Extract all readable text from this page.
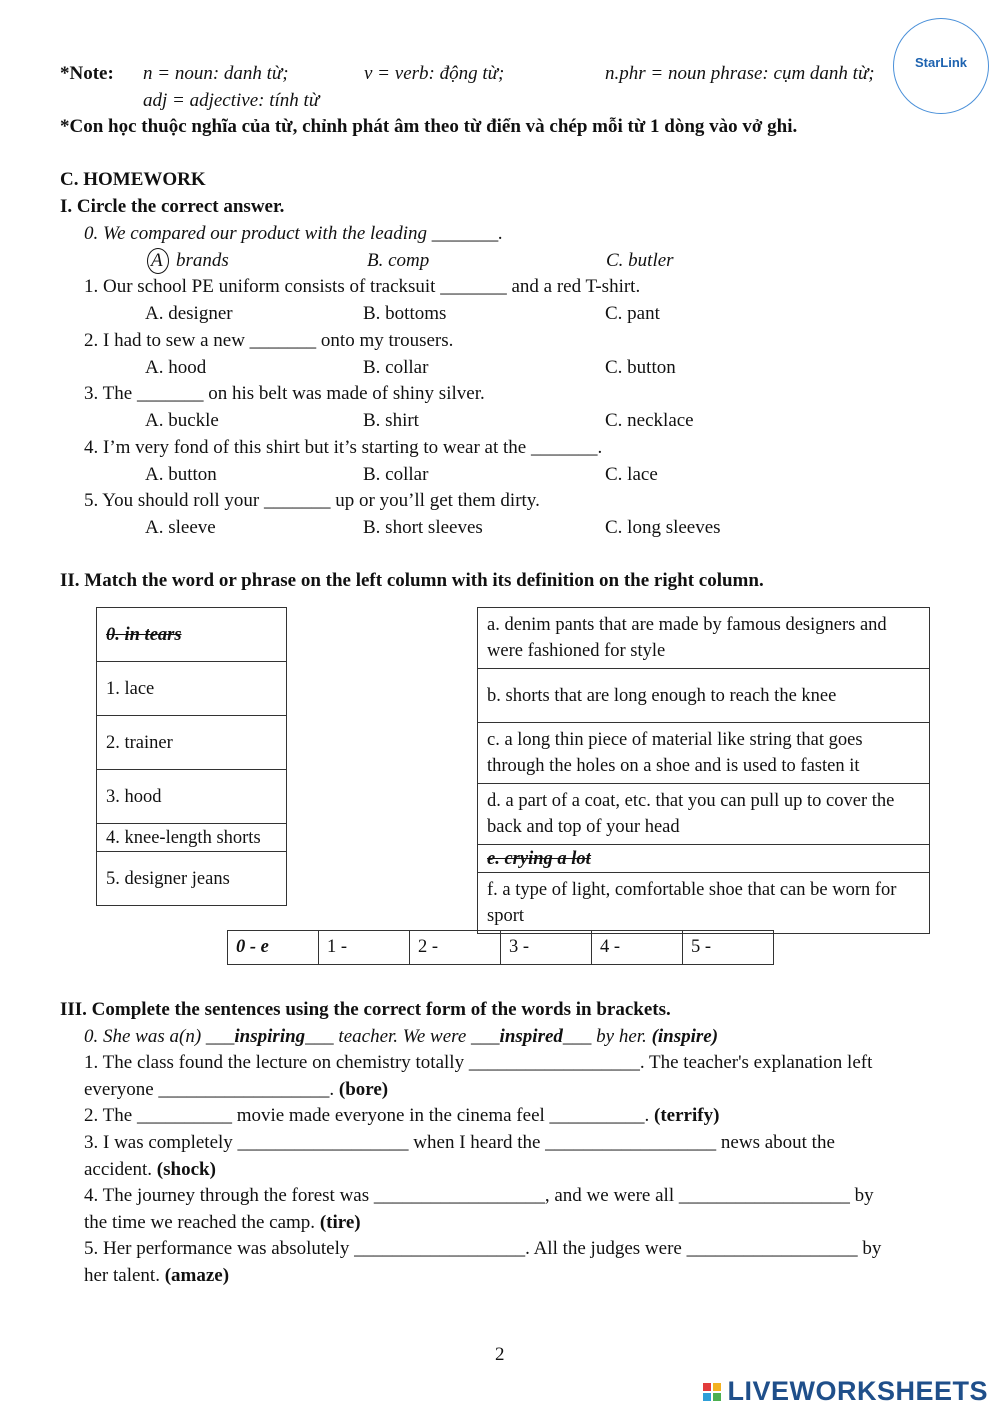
StarLink
*Note: n = noun: danh từ;	v = verb: động từ;	n.phr = noun phrase: cụm danh từ;
adj = adjective: tính từ
*Con học thuộc nghĩa của từ, chỉnh phát âm theo từ điển và chép mỗi từ 1 dòng vào vở ghi.
C. HOMEWORK
I. Circle the correct answer.
0. We compared our product with the leading _______.
A brands	B. comp	C. butler
1. Our school PE uniform consists of tracksuit _______ and a red T-shirt.
A. designer	B. bottoms	C. pant
2. I had to sew a new _______ onto my trousers.
A. hood	B. collar	C. button
3. The _______ on his belt was made of shiny silver.
A. buckle	B. shirt	C. necklace
4. I’m very fond of this shirt but it’s starting to wear at the _______.
A. button	B. collar	C. lace
5. You should roll your _______ up or you’ll get them dirty.
A. sleeve	B. short sleeves	C. long sleeves
II. Match the word or phrase on the left column with its definition on the right column.
0. in tears
1. lace
2. trainer
3. hood
4. knee-length shorts
5. designer jeans
a. denim pants that are made by famous designers and were fashioned for style
b. shorts that are long enough to reach the knee
c. a long thin piece of material like string that goes through the holes on a shoe and is used to fasten it
d. a part of a coat, etc. that you can pull up to cover the back and top of your head
e. crying a lot
f. a type of light, comfortable shoe that can be worn for sport
0 - e	1 -	2 -	3 -	4 -	5 -
III. Complete the sentences using the correct form of the words in brackets.
0. She was a(n) ___inspiring___ teacher. We were ___inspired___ by her. (inspire)
1. The class found the lecture on chemistry totally __________________. The teacher's explanation left
everyone __________________. (bore)
2. The __________ movie made everyone in the cinema feel __________. (terrify)
3. I was completely __________________ when I heard the __________________ news about the
accident. (shock)
4. The journey through the forest was __________________, and we were all __________________ by
the time we reached the camp. (tire)
5. Her performance was absolutely __________________. All the judges were __________________ by
her talent. (amaze)
2
LIVEWORKSHEETS
